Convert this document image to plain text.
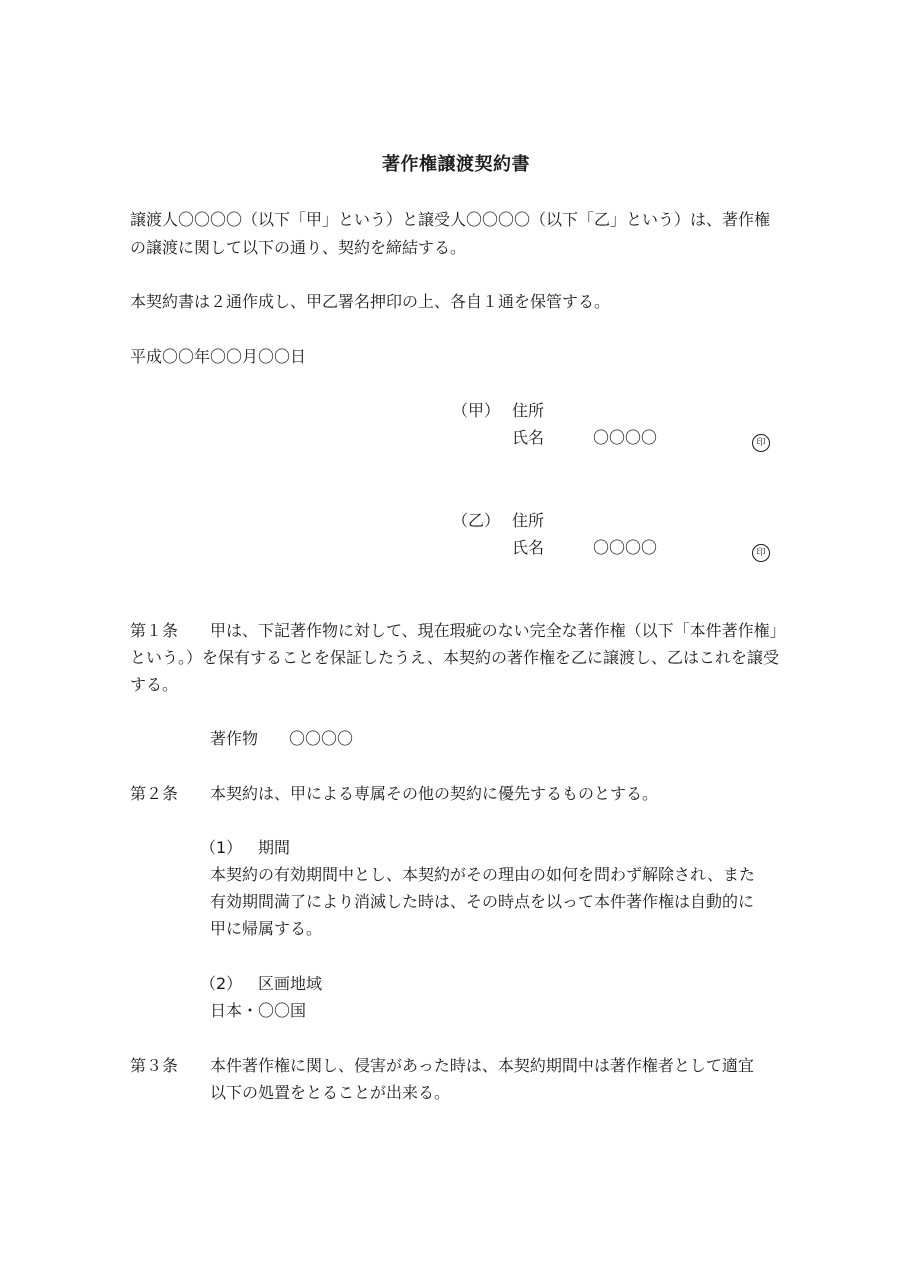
著作権譲渡契約書
譲渡人〇〇〇〇（以下「甲」という）と譲受人〇〇〇〇（以下「乙」という）は、著作権
の譲渡に関して以下の通り、契約を締結する。
本契約書は２通作成し、甲乙署名押印の上、各自１通を保管する。
平成〇〇年〇〇月〇〇日
（甲） 住所
氏名	〇〇〇〇	印
（乙） 住所
氏名	〇〇〇〇	印
第１条 甲は、下記著作物に対して、現在瑕疵のない完全な著作権（以下「本件著作権」
という。）を保有することを保証したうえ、本契約の著作権を乙に譲渡し、乙はこれを譲受
する。
著作物 〇〇〇〇
第２条 本契約は、甲による専属その他の契約に優先するものとする。
（1） 期間
本契約の有効期間中とし、本契約がその理由の如何を問わず解除され、また
有効期間満了により消滅した時は、その時点を以って本件著作権は自動的に
甲に帰属する。
（2） 区画地域
日本・〇〇国
第３条 本件著作権に関し、侵害があった時は、本契約期間中は著作権者として適宜
以下の処置をとることが出来る。
